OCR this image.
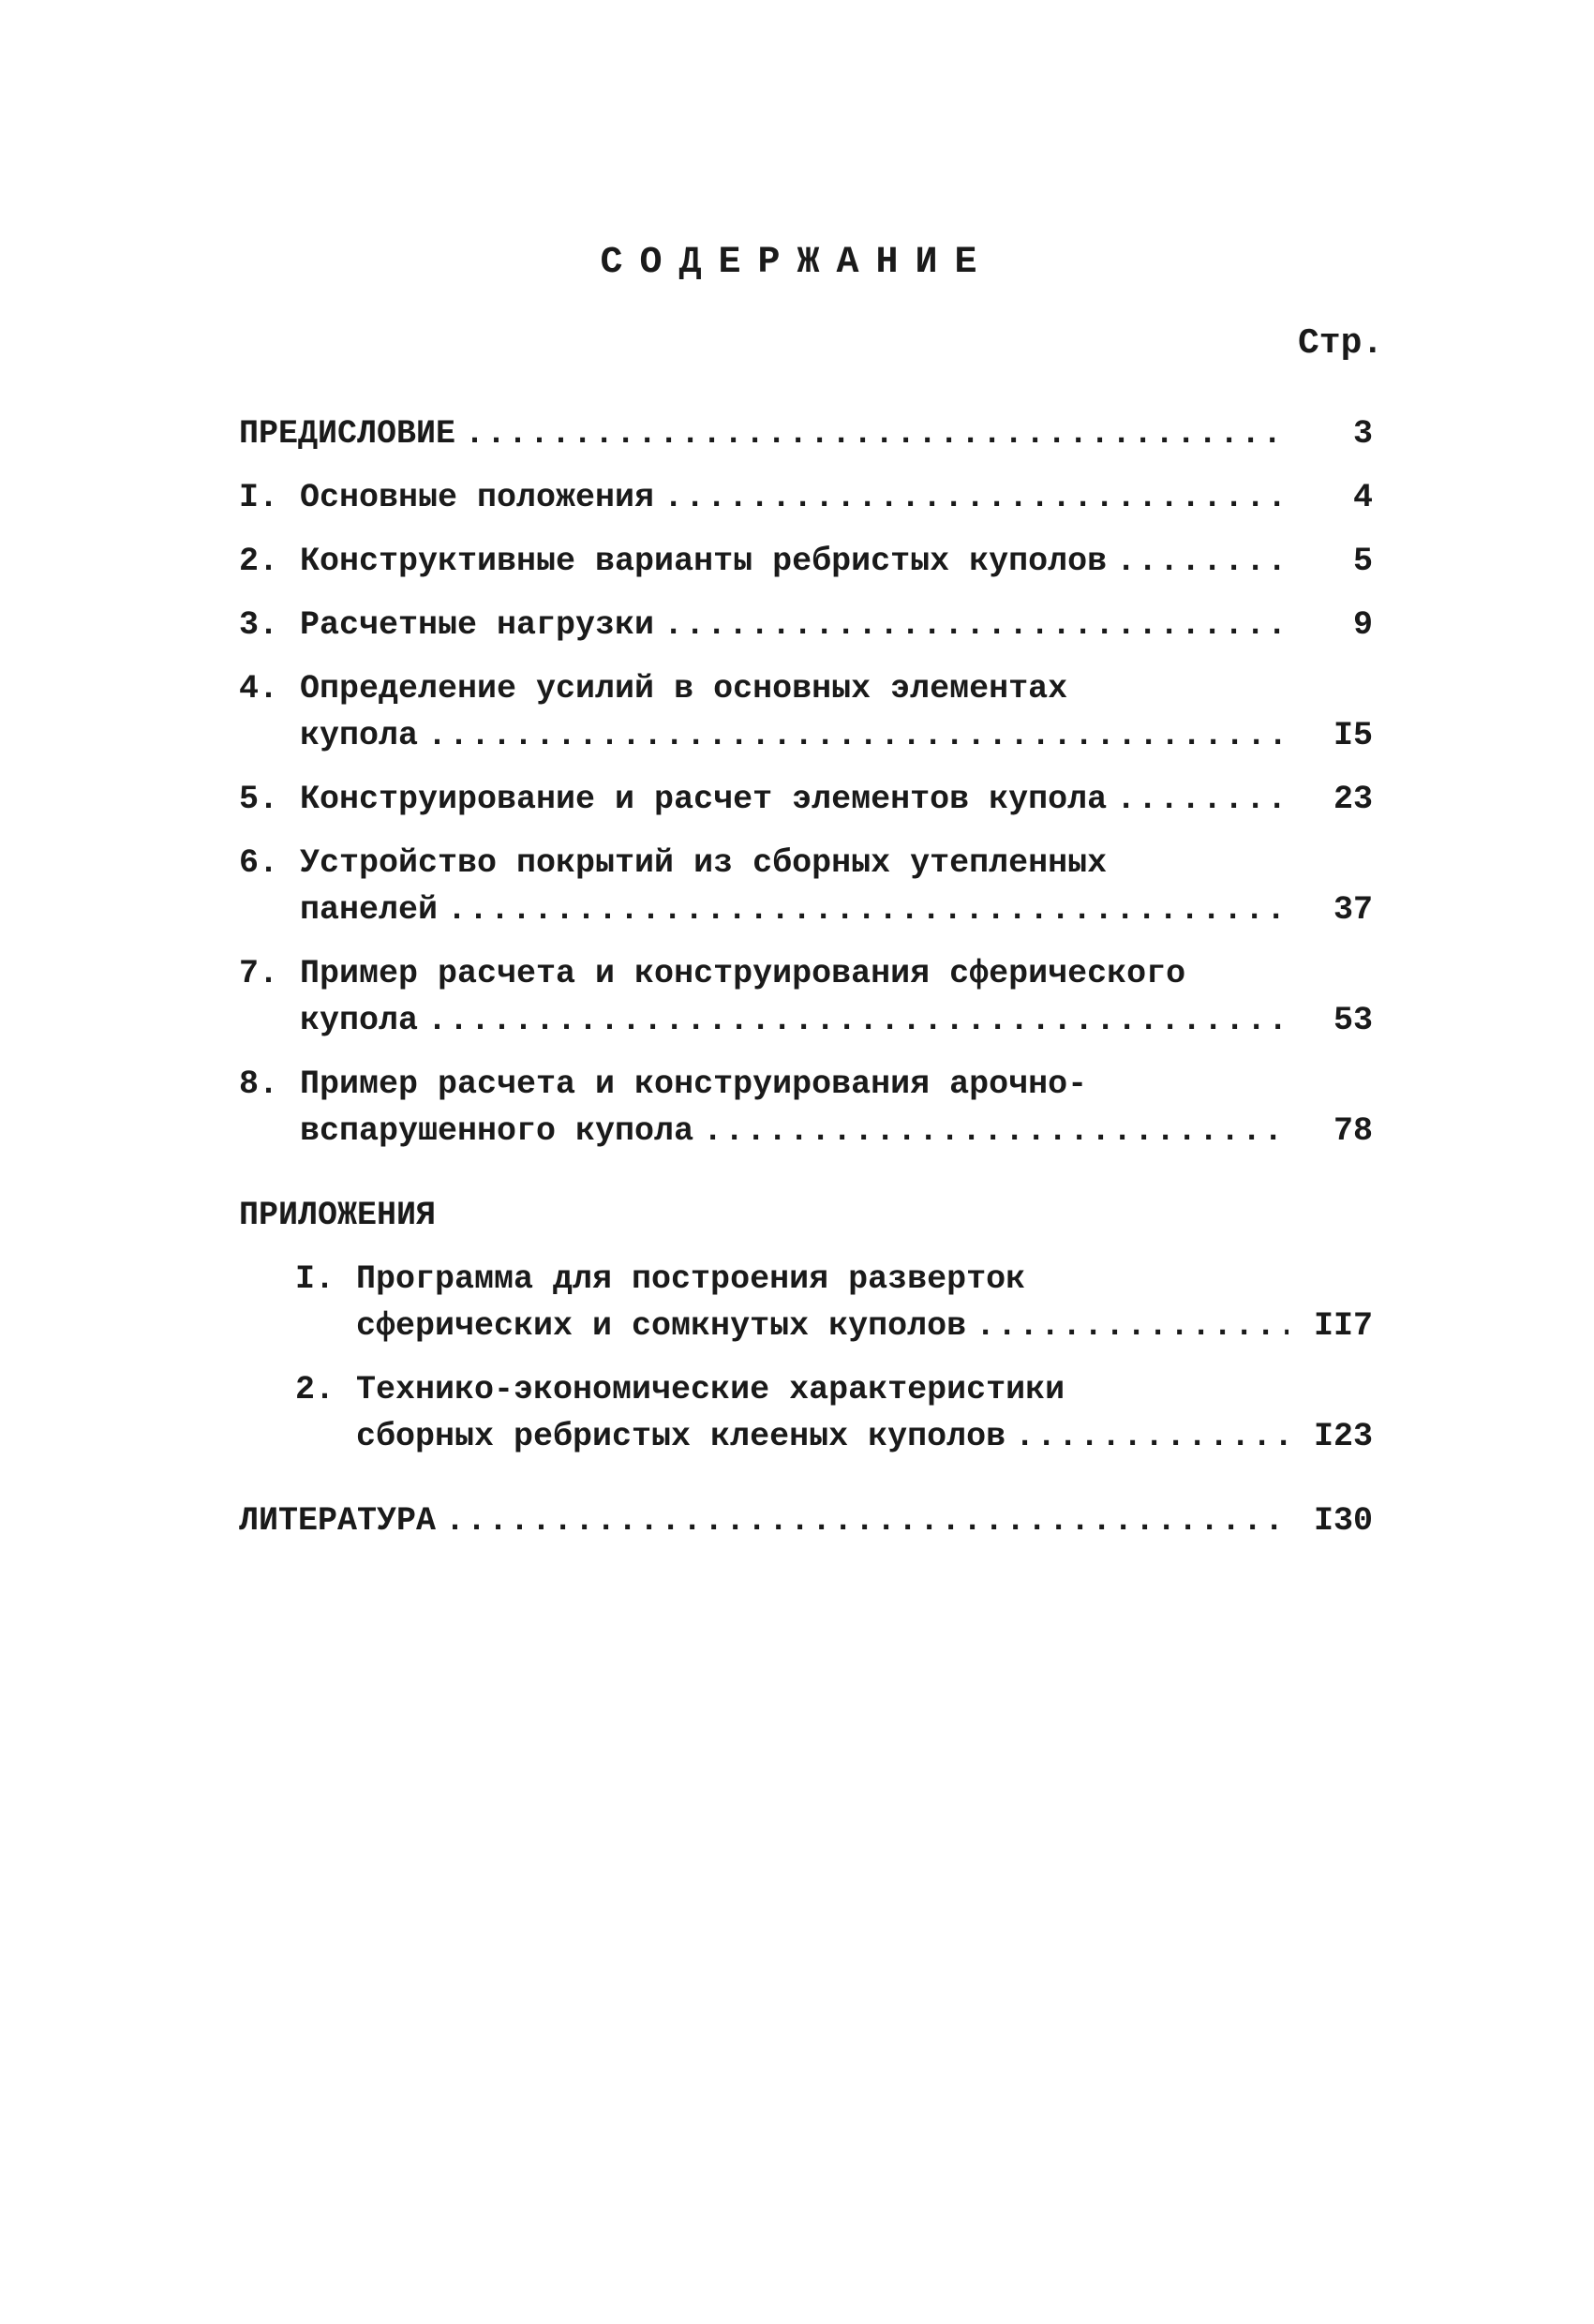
СОДЕРЖАНИЕ
Стр.
ПРЕДИСЛОВИЕ .....	3
I. Основные положения .....	4
2. Конструктивные варианты ребристых куполов .....	5
3. Расчетные нагрузки .....	9
4. Определение усилий в основных элементах
купола .....	I5
5. Конструирование и расчет элементов купола .....	23
6. Устройство покрытий из сборных утепленных
панелей .....	37
7. Пример расчета и конструирования сферического
купола .....	53
8. Пример расчета и конструирования арочно-
вспарушенного купола .....	78
ПРИЛОЖЕНИЯ
I. Программа для построения разверток
сферических и сомкнутых куполов .....	II7
2. Технико-экономические характеристики
сборных ребристых клееных куполов .....	I23
ЛИТЕРАТУРА .....	I30
